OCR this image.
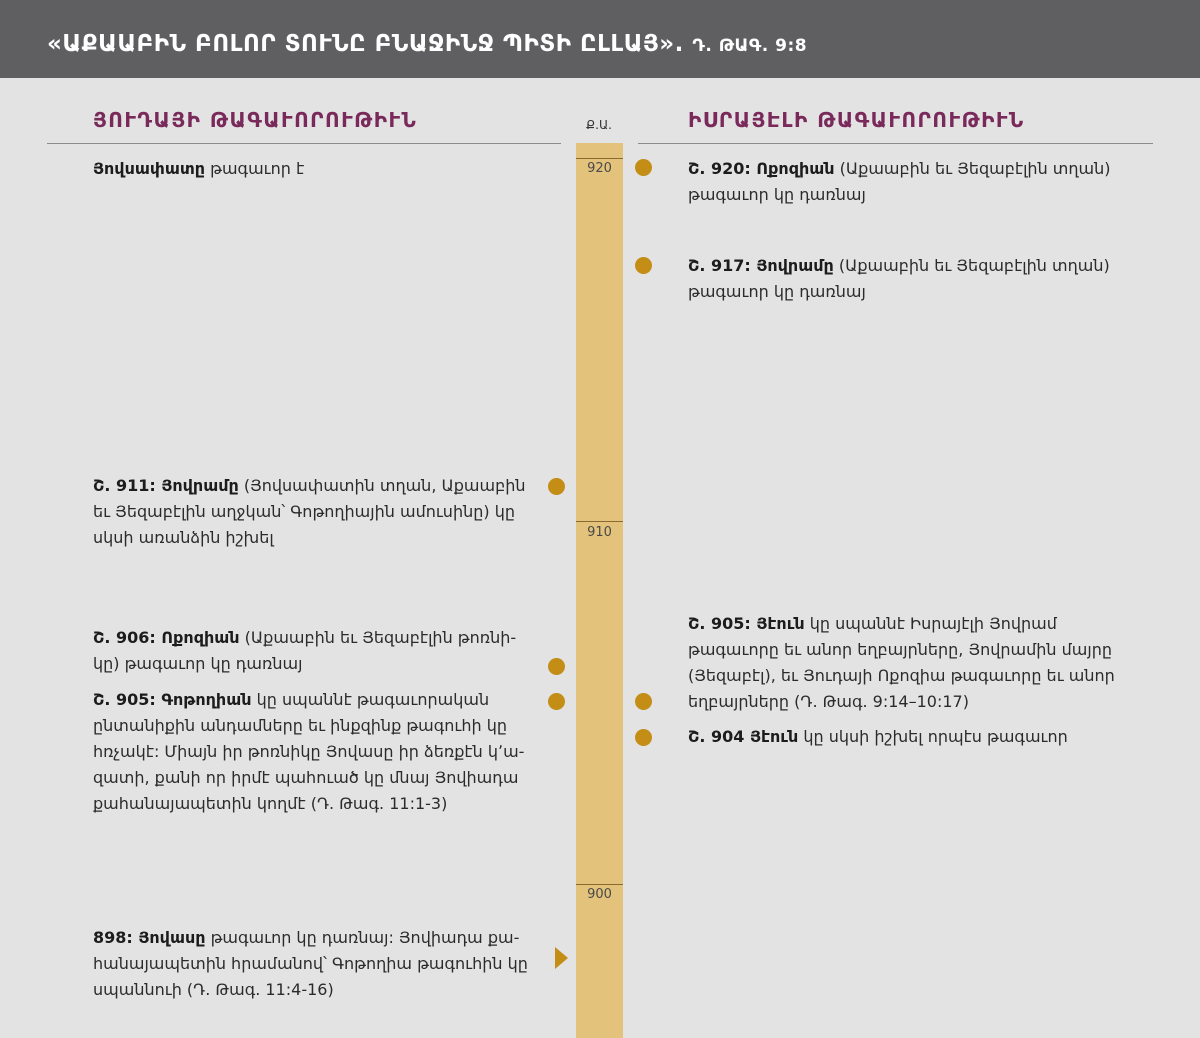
«ԱՔԱԱԲԻՆ ԲՈԼՈՐ ՏՈՒՆԸ ԲՆԱՋԻՆՋ ՊԻՏԻ ԸԼԼԱՅ». Դ. ԹԱԳ. 9:8
ՅՈՒԴԱՅԻ ԹԱԳԱՒՈՐՈՒԹԻՒՆ	ԻՍՐԱՅԷԼԻ ԹԱԳԱՒՈՐՈՒԹԻՒՆ
Ք.Ա.
920
910
900
Յովսափատը թագաւոր է
Շ. 911: Յովրամը (Յովսափատին տղան, Աքաաբին եւ Յեզաբէլին աղջկան՝ Գոթողիային ամուսինը) կը սկսի առանձին իշխել
Շ. 906: Ոքոզիան (Աքաաբին եւ Յեզաբէլին թոռնի-կը) թագաւոր կը դառնայ
Շ. 905: Գոթողիան կը սպաննէ թագաւորական ընտանիքին անդամները եւ ինքզինք թագուհի կը հռչակէ: Միայն իր թոռնիկը Յովասը իր ձեռքէն կ՚ա-զատի, քանի որ իրմէ պահուած կը մնայ Յովիադա քահանայապետին կողմէ (Դ. Թագ. 11:1-3)
898: Յովասը թագաւոր կը դառնայ: Յովիադա քա-հանայապետին հրամանով՝ Գոթողիա թագուհին կը սպաննուի (Դ. Թագ. 11:4-16)
Շ. 920: Ոքոզիան (Աքաաբին եւ Յեզաբէլին տղան) թագաւոր կը դառնայ
Շ. 917: Յովրամը (Աքաաբին եւ Յեզաբէլին տղան) թագաւոր կը դառնայ
Շ. 905: Յէուն կը սպաննէ Իսրայէլի Յովրամ թագաւորը եւ անոր եղբայրները, Յովրամին մայրը (Յեզաբէլ), եւ Յուդայի Ոքոզիա թագաւորը եւ անոր եղբայրները (Դ. Թագ. 9:14–10:17)
Շ. 904 Յէուն կը սկսի իշխել որպէս թագաւոր
